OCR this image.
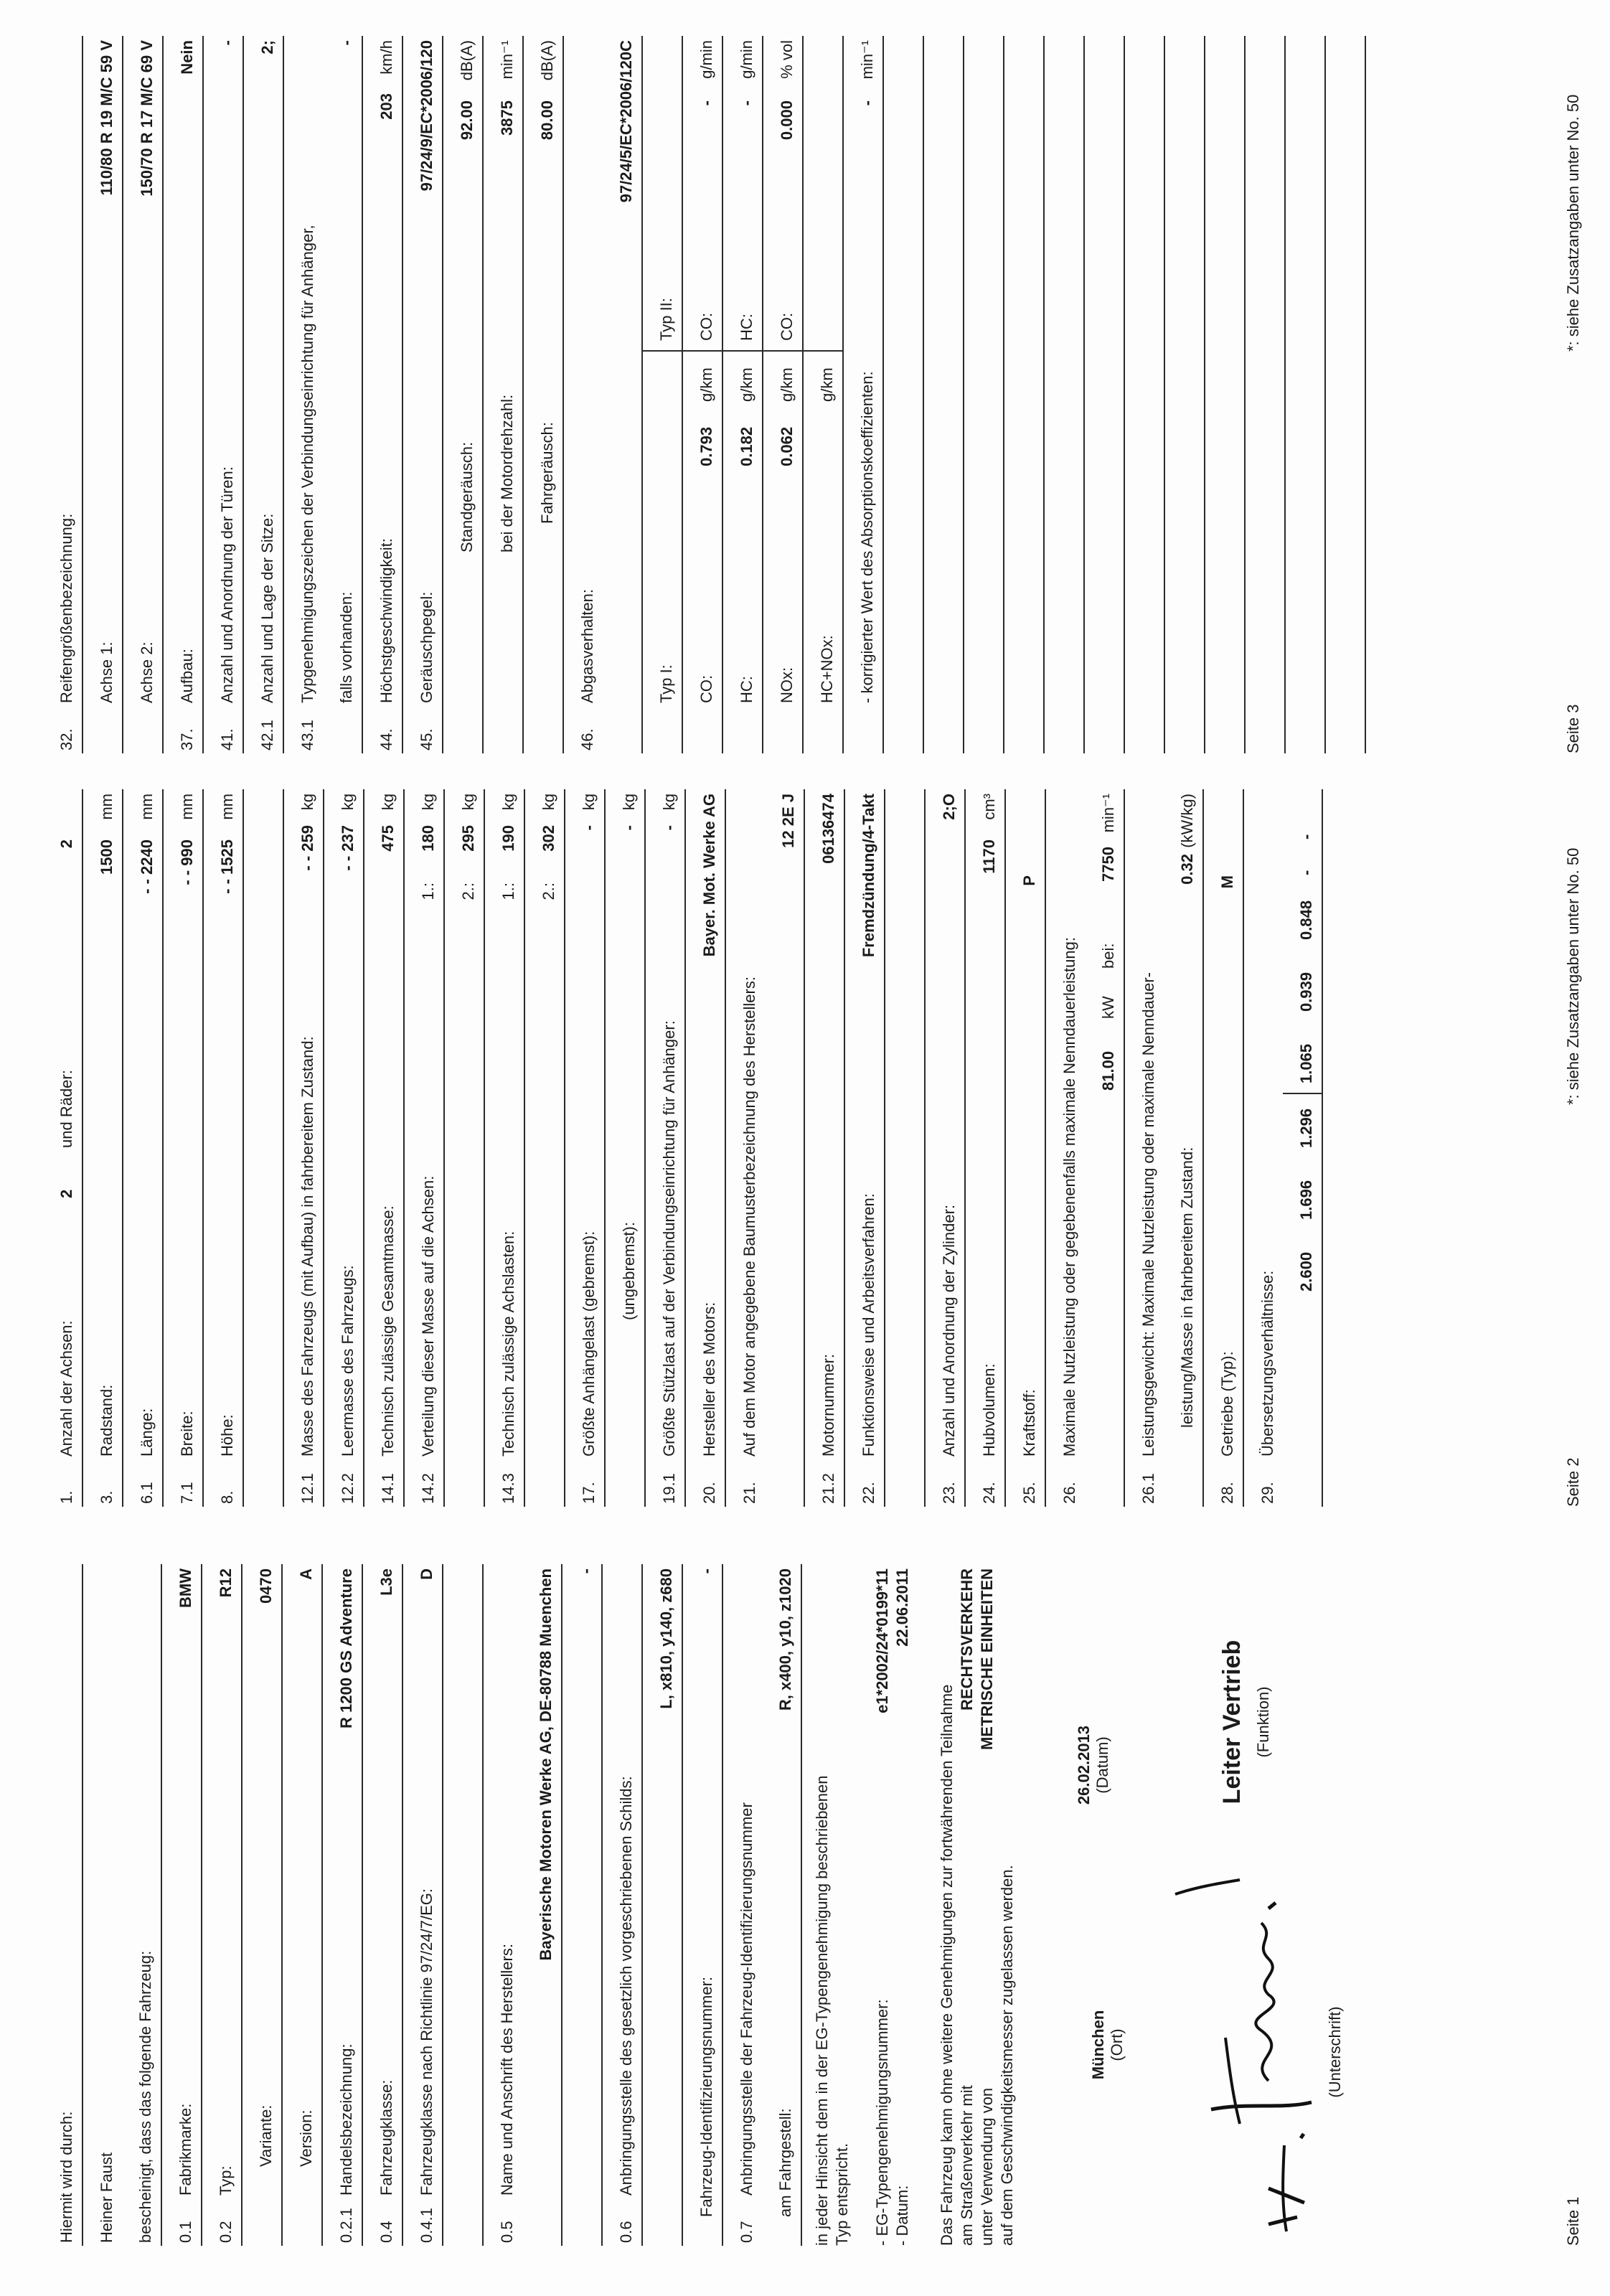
Hiermit wird durch: Heiner Faust bescheinigt, dass das folgende Fahrzeug: 0.1
Fabrikmarke:
BMW
0.2
Typ:
R12
Variante:
0470
Version:
A
0.2.1
Handelsbezeichnung:
R 1200 GS Adventure
0.4
Fahrzeugklasse:
L3e
0.4.1
Fahrzeugklasse nach Richtlinie 97/24/7/EG:
D
0.5
Name und Anschrift des Herstellers:
Bayerische Motoren Werke AG, DE-80788 Muenchen -
0.6
Anbringungsstelle des gesetzlich vorgeschriebenen Schilds:
L, x810, y140, z680
Fahrzeug-Identifizierungsnummer:
-
0.7
Anbringungsstelle der Fahrzeug-Identifizierungsnummer am Fahrgestell:
R, x400, y10, z1020
in jeder Hinsicht dem in der EG-Typengenehmigung beschriebenen Typ entspricht. - EG-Typengenehmigungsnummer:
e1*2002/24*0199*11
- Datum:
22.06.2011
Das Fahrzeug kann ohne weitere Genehmigungen zur fortwährenden Teilnahme am Straßenverkehr mit unter Verwendung von auf dem Geschwindigkeitsmesser zugelassen werden.
RECHTSVERKEHR METRISCHE EINHEITEN
München (Ort)
26.02.2013 (Datum)	Leiter Vertrieb (Funktion)
(Unterschrift)
Seite 1
1.
Anzahl der Achsen:
2
und Räder:
2
3.
Radstand:
1500
mm
6.1
Länge:
- - 2240
mm
7.1
Breite:
- - 990
mm
8.
Höhe:
- - 1525
mm
12.1
Masse des Fahrzeugs (mit Aufbau) in fahrbereitem Zustand:
- - 259
kg
12.2
Leermasse des Fahrzeugs:
- - 237
kg
14.1
Technisch zulässige Gesamtmasse:
475
kg
14.2
Verteilung dieser Masse auf die Achsen:
1.:
180
kg
2.:
295
kg
14.3
Technisch zulässige Achslasten:
1.:
190
kg
2.:
302
kg
17.
Größte Anhängelast (gebremst):
-
kg
(ungebremst):
-
kg
19.1
Größte Stützlast auf der Verbindungseinrichtung für Anhänger:
-
kg
20.
Hersteller des Motors:
Bayer. Mot. Werke AG
21.
Auf dem Motor angegebene Baumusterbezeichnung des Herstellers:
12 2E J
21.2
Motornummer:
06136474
22.
Funktionsweise und Arbeitsverfahren:
Fremdzündung/4-Takt
23.
Anzahl und Anordnung der Zylinder:
2;O
24.
Hubvolumen:
1170
cm³
25.
Kraftstoff:
P
26.
Maximale Nutzleistung oder gegebenenfalls maximale Nenndauerleistung: 81.00
kW
bei:
7750
min⁻¹
26.1
Leistungsgewicht: Maximale Nutzleistung oder maximale Nenndauer- leistung/Masse in fahrbereitem Zustand:
0.32
(kW/kg)
28.
Getriebe (Typ):
M
29.
Übersetzungsverhältnisse: 2.600
1.696
1.296
1.065
0.939
0.848
-
-
Seite 2
*: siehe Zusatzangaben unter No. 50
32.
Reifengrößenbezeichnung: Achse 1:
110/80 R 19 M/C 59 V
Achse 2:
150/70 R 17 M/C 69 V
37.
Aufbau:
Nein
41.
Anzahl und Anordnung der Türen:
-
42.1
Anzahl und Lage der Sitze:
2;
43.1
Typgenehmigungszeichen der Verbindungseinrichtung für Anhänger, falls vorhanden:
-
44.
Höchstgeschwindigkeit:
203
km/h
45.
Geräuschpegel:
97/24/9/EC*2006/120
Standgeräusch:
92.00
dB(A)
bei der Motordrehzahl:
3875
min⁻¹
Fahrgeräusch:
80.00
dB(A)
46.
Abgasverhalten:
97/24/5/EC*2006/120C
Typ I:
Typ II:
CO:
0.793
g/km
CO:
-
g/min
HC:
0.182
g/km
HC:
-
g/min
NOx:
0.062
g/km
CO:
0.000
% vol
HC+NOx:
g/km - korrigierter Wert des Absorptionskoeffizienten:
-
min⁻¹
Seite 3
*: siehe Zusatzangaben unter No. 50
